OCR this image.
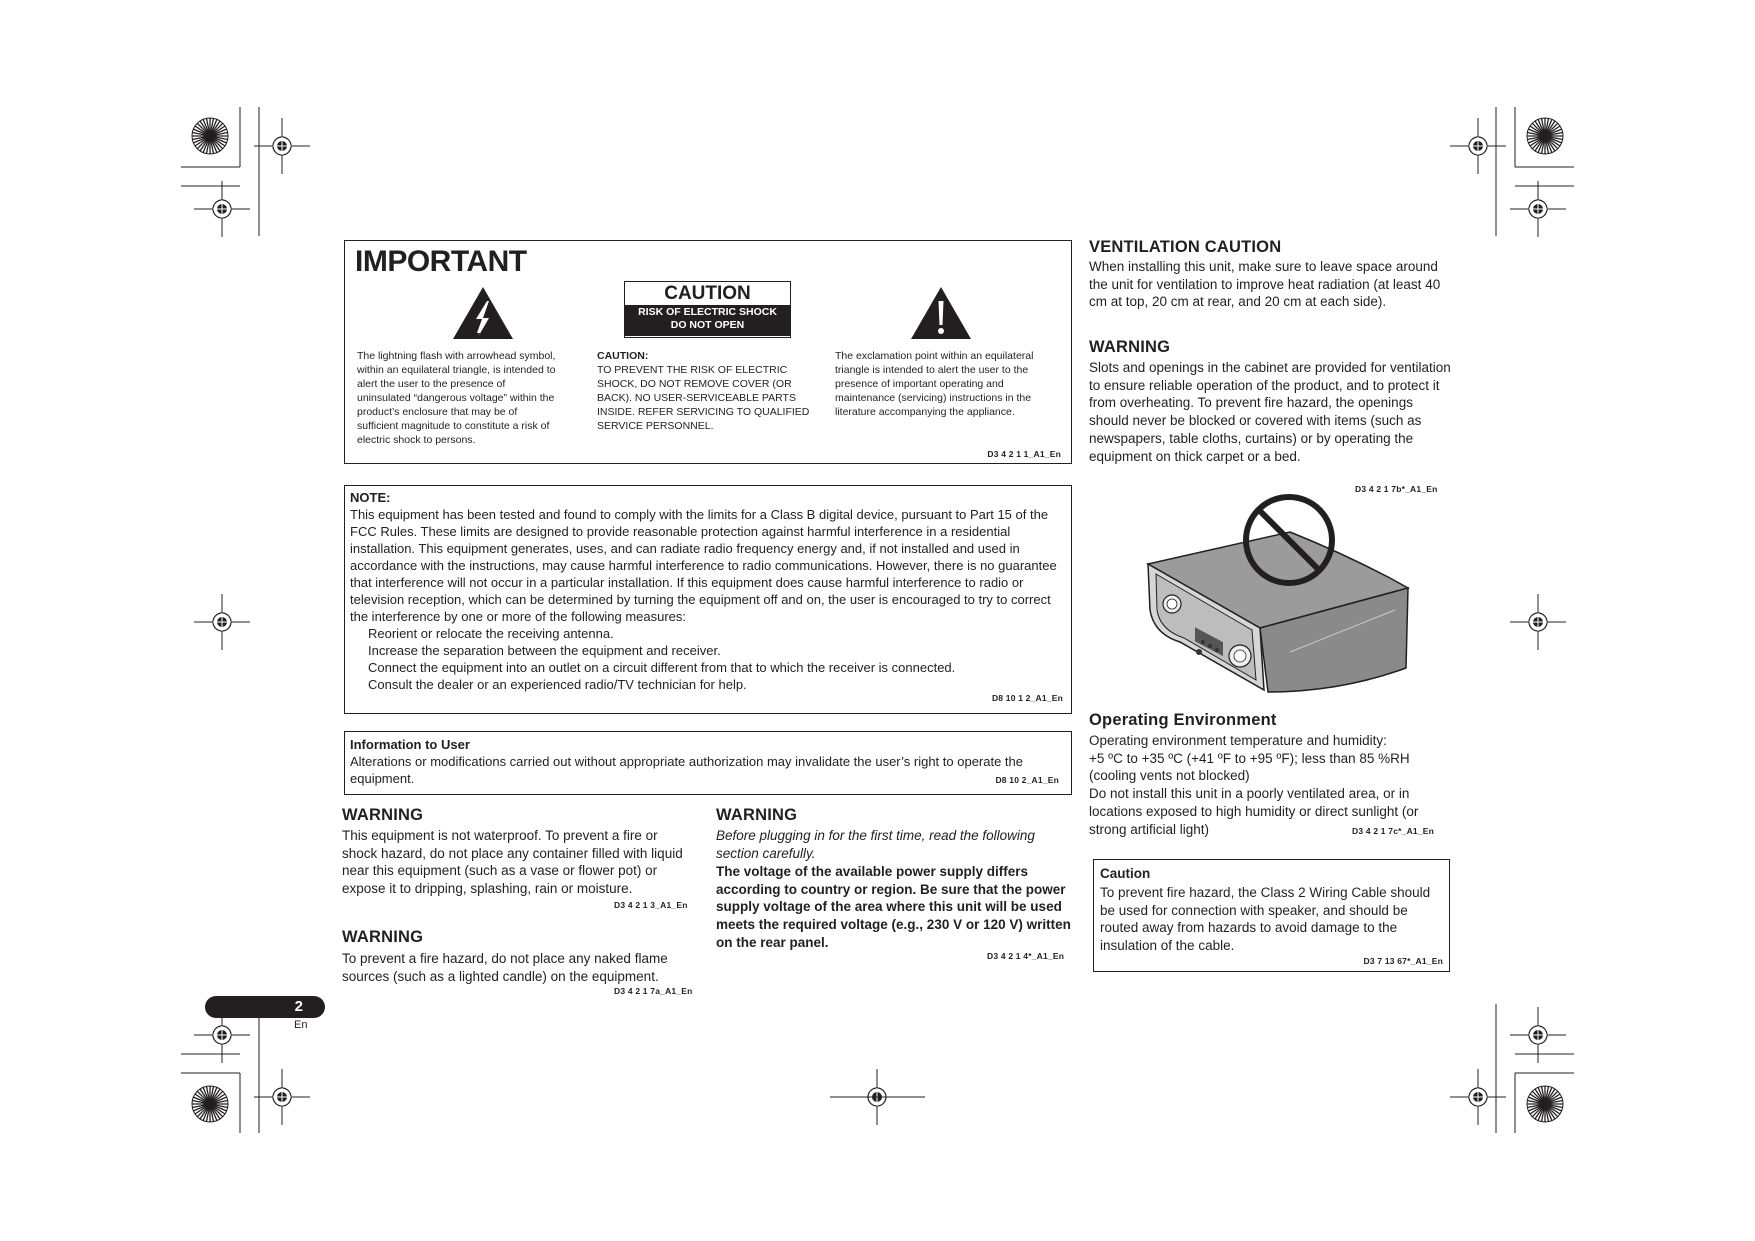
IMPORTANT
CAUTION
RISK OF ELECTRIC SHOCK
DO NOT OPEN
The lightning flash with arrowhead symbol, within an equilateral triangle, is intended to alert the user to the presence of uninsulated “dangerous voltage” within the product’s enclosure that may be of sufficient magnitude to constitute a risk of electric shock to persons.
CAUTION:
TO PREVENT THE RISK OF ELECTRIC SHOCK, DO NOT REMOVE COVER (OR BACK). NO USER-SERVICEABLE PARTS INSIDE. REFER SERVICING TO QUALIFIED SERVICE PERSONNEL.
The exclamation point within an equilateral triangle is intended to alert the user to the presence of important operating and maintenance (servicing) instructions in the literature accompanying the appliance.
D3 4 2 1 1_A1_En
NOTE:
This equipment has been tested and found to comply with the limits for a Class B digital device, pursuant to Part 15 of the FCC Rules. These limits are designed to provide reasonable protection against harmful interference in a residential installation. This equipment generates, uses, and can radiate radio frequency energy and, if not installed and used in accordance with the instructions, may cause harmful interference to radio communications. However, there is no guarantee that interference will not occur in a particular installation. If this equipment does cause harmful interference to radio or television reception, which can be determined by turning the equipment off and on, the user is encouraged to try to correct the interference by one or more of the following measures:
Reorient or relocate the receiving antenna.
Increase the separation between the equipment and receiver.
Connect the equipment into an outlet on a circuit different from that to which the receiver is connected.
Consult the dealer or an experienced radio/TV technician for help.
D8 10 1 2_A1_En
Information to User
Alterations or modifications carried out without appropriate authorization may invalidate the user’s right to operate the equipment.	D8 10 2_A1_En
WARNING
This equipment is not waterproof. To prevent a fire or shock hazard, do not place any container filled with liquid near this equipment (such as a vase or flower pot) or expose it to dripping, splashing, rain or moisture.
D3 4 2 1 3_A1_En
WARNING
To prevent a fire hazard, do not place any naked flame sources (such as a lighted candle) on the equipment.
D3 4 2 1 7a_A1_En
WARNING
Before plugging in for the first time, read the following section carefully.
The voltage of the available power supply differs according to country or region. Be sure that the power supply voltage of the area where this unit will be used meets the required voltage (e.g., 230 V or 120 V) written on the rear panel.
D3 4 2 1 4*_A1_En
VENTILATION CAUTION
When installing this unit, make sure to leave space around the unit for ventilation to improve heat radiation (at least 40 cm at top, 20 cm at rear, and 20 cm at each side).
WARNING
Slots and openings in the cabinet are provided for ventilation to ensure reliable operation of the product, and to protect it from overheating. To prevent fire hazard, the openings should never be blocked or covered with items (such as newspapers, table cloths, curtains) or by operating the equipment on thick carpet or a bed.
D3 4 2 1 7b*_A1_En
Operating Environment
Operating environment temperature and humidity:
+5 ºC to +35 ºC (+41 ºF to +95 ºF); less than 85 %RH (cooling vents not blocked)
Do not install this unit in a poorly ventilated area, or in locations exposed to high humidity or direct sunlight (or strong artificial light)	D3 4 2 1 7c*_A1_En
Caution
To prevent fire hazard, the Class 2 Wiring Cable should be used for connection with speaker, and should be routed away from hazards to avoid damage to the insulation of the cable.
D3 7 13 67*_A1_En
2
En
